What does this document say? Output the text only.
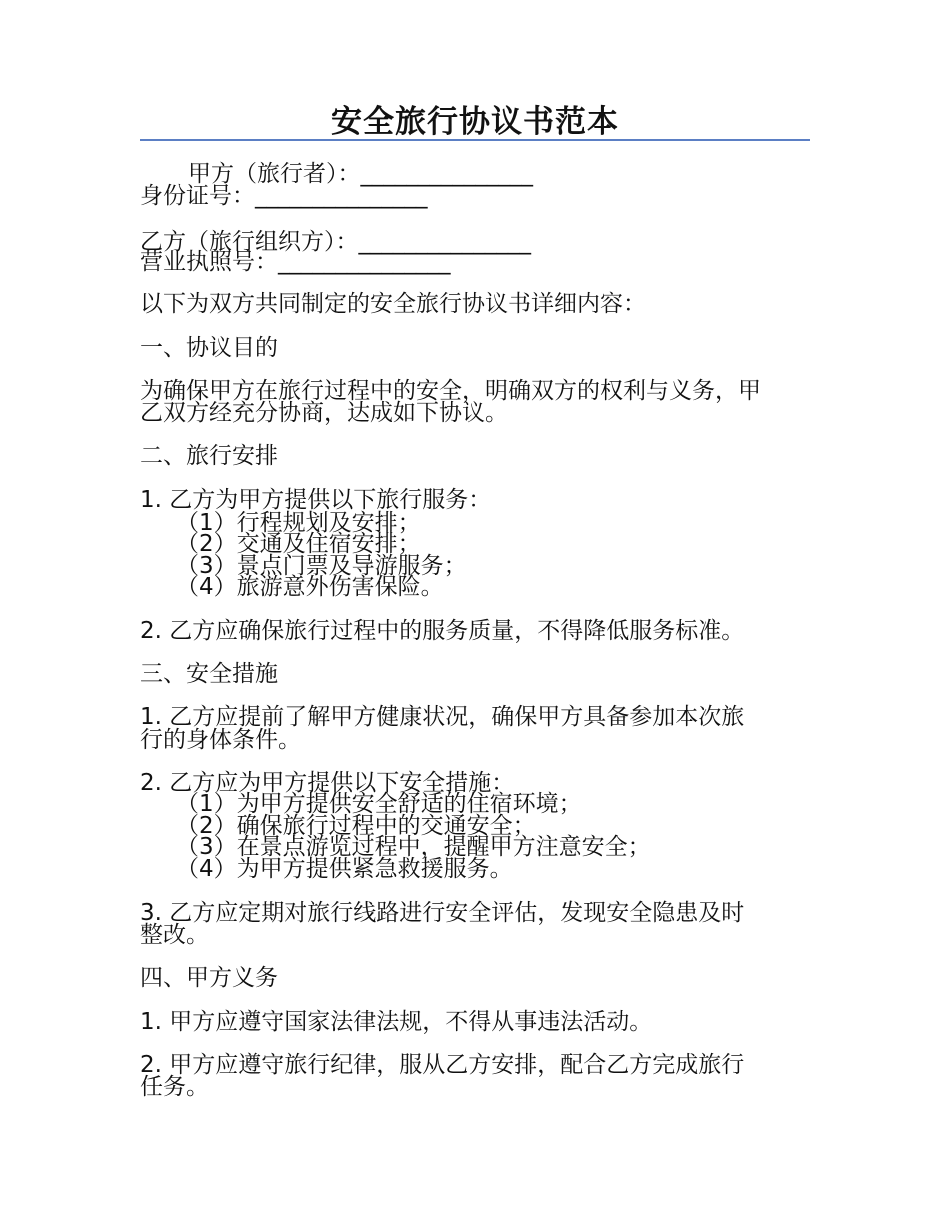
安全旅行协议书范本
甲方（旅行者）：_______________
身份证号：_______________
乙方（旅行组织方）：_______________
营业执照号：_______________
以下为双方共同制定的安全旅行协议书详细内容：
一、协议目的
为确保甲方在旅行过程中的安全，明确双方的权利与义务，甲
乙双方经充分协商，达成如下协议。
二、旅行安排
1. 乙方为甲方提供以下旅行服务：
（1）行程规划及安排；
（2）交通及住宿安排；
（3）景点门票及导游服务；
（4）旅游意外伤害保险。
2. 乙方应确保旅行过程中的服务质量，不得降低服务标准。
三、安全措施
1. 乙方应提前了解甲方健康状况，确保甲方具备参加本次旅
行的身体条件。
2. 乙方应为甲方提供以下安全措施：
（1）为甲方提供安全舒适的住宿环境；
（2）确保旅行过程中的交通安全；
（3）在景点游览过程中，提醒甲方注意安全；
（4）为甲方提供紧急救援服务。
3. 乙方应定期对旅行线路进行安全评估，发现安全隐患及时
整改。
四、甲方义务
1. 甲方应遵守国家法律法规，不得从事违法活动。
2. 甲方应遵守旅行纪律，服从乙方安排，配合乙方完成旅行
任务。
